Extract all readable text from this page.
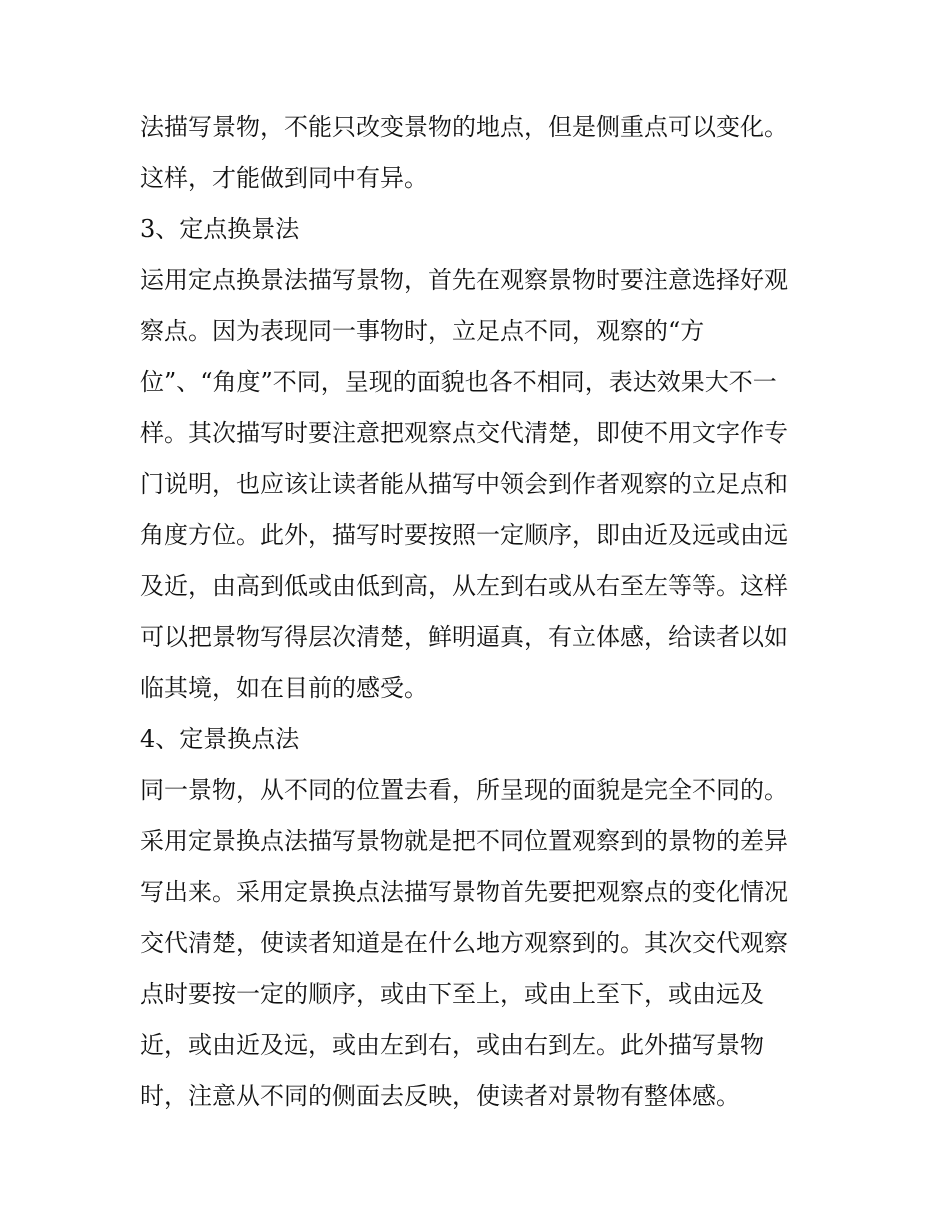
法描写景物，不能只改变景物的地点，但是侧重点可以变化。
这样，才能做到同中有异。
3、定点换景法
运用定点换景法描写景物，首先在观察景物时要注意选择好观
察点。因为表现同一事物时，立足点不同，观察的“方
位”、“角度”不同，呈现的面貌也各不相同，表达效果大不一
样。其次描写时要注意把观察点交代清楚，即使不用文字作专
门说明，也应该让读者能从描写中领会到作者观察的立足点和
角度方位。此外，描写时要按照一定顺序，即由近及远或由远
及近，由高到低或由低到高，从左到右或从右至左等等。这样
可以把景物写得层次清楚，鲜明逼真，有立体感，给读者以如
临其境，如在目前的感受。
4、定景换点法
同一景物，从不同的位置去看，所呈现的面貌是完全不同的。
采用定景换点法描写景物就是把不同位置观察到的景物的差异
写出来。采用定景换点法描写景物首先要把观察点的变化情况
交代清楚，使读者知道是在什么地方观察到的。其次交代观察
点时要按一定的顺序，或由下至上，或由上至下，或由远及
近，或由近及远，或由左到右，或由右到左。此外描写景物
时，注意从不同的侧面去反映，使读者对景物有整体感。
